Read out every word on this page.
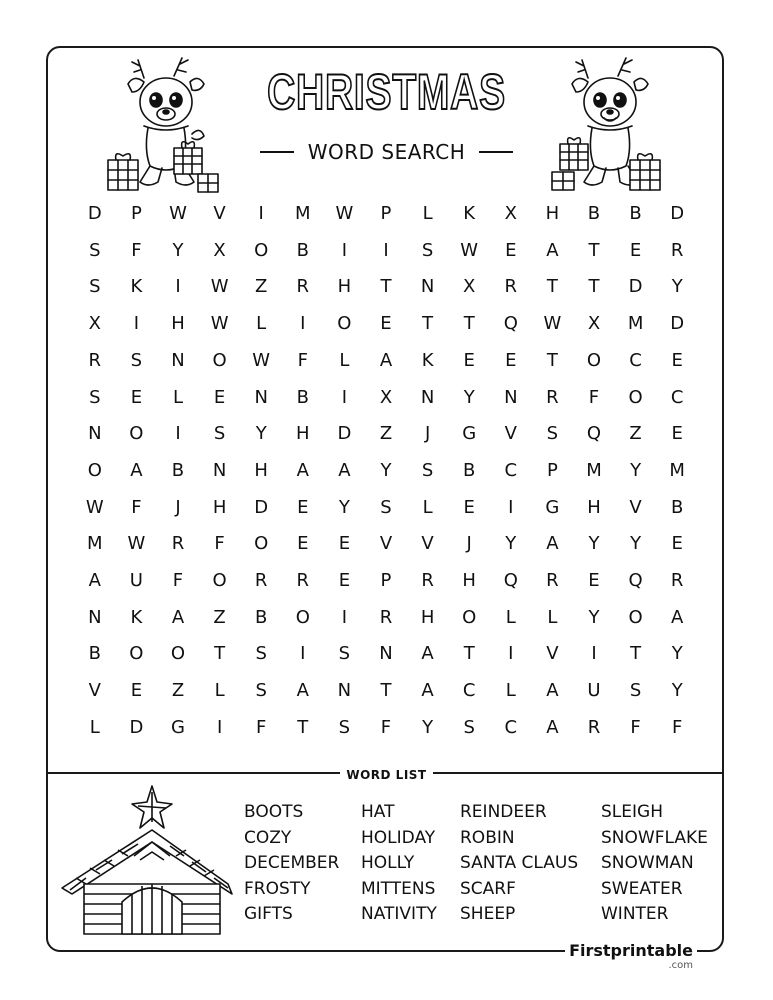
CHRISTMAS
WORD SEARCH
D	P	W	V	I	M	W	P	L	K	X	H	B	B	D
S	F	Y	X	O	B	I	I	S	W	E	A	T	E	R
S	K	I	W	Z	R	H	T	N	X	R	T	T	D	Y
X	I	H	W	L	I	O	E	T	T	Q	W	X	M	D
R	S	N	O	W	F	L	A	K	E	E	T	O	C	E
S	E	L	E	N	B	I	X	N	Y	N	R	F	O	C
N	O	I	S	Y	H	D	Z	J	G	V	S	Q	Z	E
O	A	B	N	H	A	A	Y	S	B	C	P	M	Y	M
W	F	J	H	D	E	Y	S	L	E	I	G	H	V	B
M	W	R	F	O	E	E	V	V	J	Y	A	Y	Y	E
A	U	F	O	R	R	E	P	R	H	Q	R	E	Q	R
N	K	A	Z	B	O	I	R	H	O	L	L	Y	O	A
B	O	O	T	S	I	S	N	A	T	I	V	I	T	Y
V	E	Z	L	S	A	N	T	A	C	L	A	U	S	Y
L	D	G	I	F	T	S	F	Y	S	C	A	R	F	F
WORD LIST
BOOTS
COZY
DECEMBER
FROSTY
GIFTS
HAT
HOLIDAY
HOLLY
MITTENS
NATIVITY
REINDEER
ROBIN
SANTA CLAUS
SCARF
SHEEP
SLEIGH
SNOWFLAKE
SNOWMAN
SWEATER
WINTER
Firstprintable
.com
